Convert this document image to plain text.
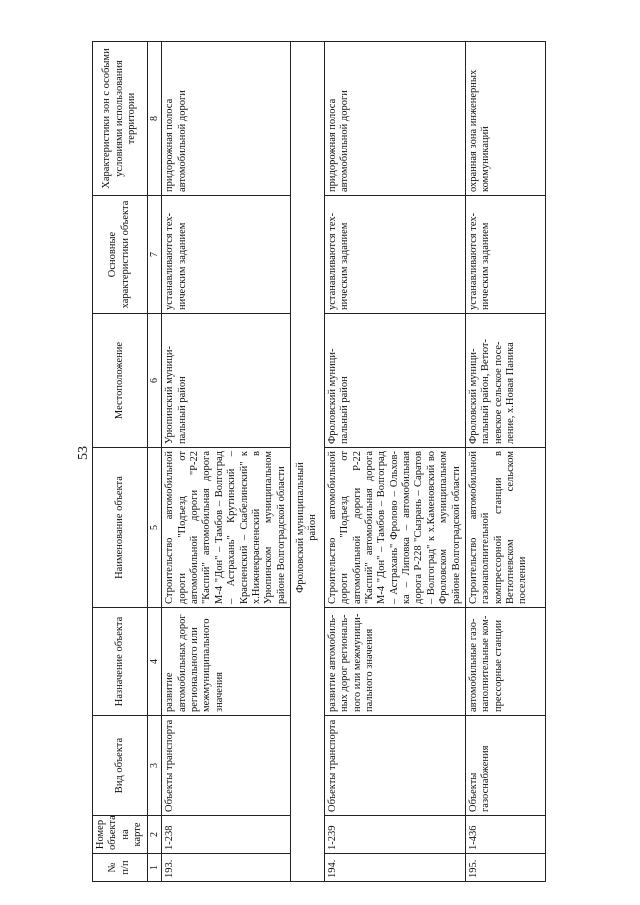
53
№ п/п	Номер объекта на карте	Вид объекта	Назначение объекта	Наименование объекта	Местоположение	Основные характеристики объекта	Характеристики зон с особыми условиями использования территории
1	2	3	4	5	6	7	8
193.	1-238	Объекты транспорта	развитие автомобильных дорог регионального или межмуниципального значения	Строительство автомобильной дороги "Подъезд от автомобильной дороги "Р-22 "Каспий" автомобильная дорога М-4 "Дон" – Тамбов – Волгоград – Астрахань" Крутинский – Красненский – Скабелинский" к х.Нижнекрасненский в Урюпинском муниципальном районе Волгоградской области	Урюпинский муниципальный район	устанавливаются техническим заданием	придорожная полоса автомобильной дороги
				Фроловский муниципальный район			
194.	1-239	Объекты транспорта	развитие автомобильных дорог регионального или межмуниципального значения	Строительство автомобильной дороги "Подъезд от автомобильной дороги Р-22 "Каспий" автомобильная дорога М-4 "Дон" – Тамбов – Волгоград – Астрахань" Фролово – Ольховка – Липовка – автомобильная дорога Р-228 "Сызрань – Саратов – Волгоград" к х.Каменовский во Фроловском муниципальном районе Волгоградской области	Фроловский муниципальный район	устанавливаются техническим заданием	придорожная полоса автомобильной дороги
195.	1-436	Объекты газоснабжения	автомобильные газонаполнительные компрессорные станции	Строительство автомобильной газонаполнительной компрессорной станции в Ветютневском сельском поселении	Фроловский муниципальный район, Ветютневское сельское поселение, х.Новая Паника	устанавливаются техническим заданием	охранная зона инженерных коммуникаций
